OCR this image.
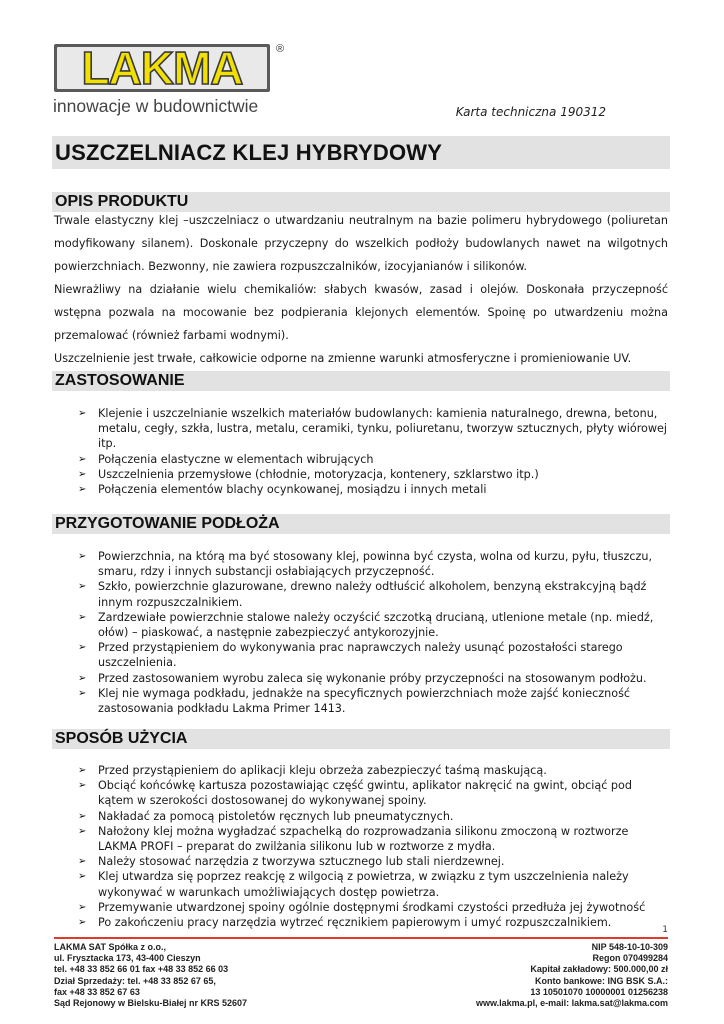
LAKMA	®
innowacje w budownictwie	Karta techniczna 190312
USZCZELNIACZ KLEJ HYBRYDOWY
OPIS PRODUKTU

Trwale elastyczny klej –uszczelniacz o utwardzaniu neutralnym na bazie polimeru hybrydowego (poliuretan modyfikowany silanem). Doskonale przyczepny do wszelkich podłoży budowlanych nawet na wilgotnych powierzchniach. Bezwonny, nie zawiera rozpuszczalników, izocyjanianów i silikonów.

Niewrażliwy na działanie wielu chemikaliów: słabych kwasów, zasad i olejów. Doskonała przyczepność wstępna pozwala na mocowanie bez podpierania klejonych elementów. Spoinę po utwardzeniu można przemalować (również farbami wodnymi).

Uszczelnienie jest trwałe, całkowicie odporne na zmienne warunki atmosferyczne i promieniowanie UV.

ZASTOSOWANIE
➢ Klejenie i uszczelnianie wszelkich materiałów budowlanych: kamienia naturalnego, drewna, betonu, metalu, cegły, szkła, lustra, metalu, ceramiki, tynku, poliuretanu, tworzyw sztucznych, płyty wiórowej itp.
➢ Połączenia elastyczne w elementach wibrujących
➢ Uszczelnienia przemysłowe (chłodnie, motoryzacja, kontenery, szklarstwo itp.)
➢ Połączenia elementów blachy ocynkowanej, mosiądzu i innych metali
PRZYGOTOWANIE PODŁOŻA
➢ Powierzchnia, na którą ma być stosowany klej, powinna być czysta, wolna od kurzu, pyłu, tłuszczu, smaru, rdzy i innych substancji osłabiających przyczepność.
➢ Szkło, powierzchnie glazurowane, drewno należy odtłuścić alkoholem, benzyną ekstrakcyjną bądź innym rozpuszczalnikiem.
➢ Zardzewiałe powierzchnie stalowe należy oczyścić szczotką drucianą, utlenione metale (np. miedź, ołów) – piaskować, a następnie zabezpieczyć antykorozyjnie.
➢ Przed przystąpieniem do wykonywania prac naprawczych należy usunąć pozostałości starego uszczelnienia.
➢ Przed zastosowaniem wyrobu zaleca się wykonanie próby przyczepności na stosowanym podłożu.
➢ Klej nie wymaga podkładu, jednakże na specyficznych powierzchniach może zajść konieczność zastosowania podkładu Lakma Primer 1413.
SPOSÓB UŻYCIA
➢ Przed przystąpieniem do aplikacji kleju obrzeża zabezpieczyć taśmą maskującą.
➢ Obciąć końcówkę kartusza pozostawiając część gwintu, aplikator nakręcić na gwint, obciąć pod kątem w szerokości dostosowanej do wykonywanej spoiny.
➢ Nakładać za pomocą pistoletów ręcznych lub pneumatycznych.
➢ Nałożony klej można wygładzać szpachelką do rozprowadzania silikonu zmoczoną w roztworze LAKMA PROFI – preparat do zwilżania silikonu lub w roztworze z mydła.
➢ Należy stosować narzędzia z tworzywa sztucznego lub stali nierdzewnej.
➢ Klej utwardza się poprzez reakcję z wilgocią z powietrza, w związku z tym uszczelnienia należy wykonywać w warunkach umożliwiających dostęp powietrza.
➢ Przemywanie utwardzonej spoiny ogólnie dostępnymi środkami czystości przedłuża jej żywotność
➢ Po zakończeniu pracy narzędzia wytrzeć ręcznikiem papierowym i umyć rozpuszczalnikiem.
1
LAKMA SAT Spółka z o.o.,
ul. Frysztacka 173, 43-400 Cieszyn
tel. +48 33 852 66 01 fax +48 33 852 66 03
Dział Sprzedaży: tel. +48 33 852 67 65,
fax +48 33 852 67 63
Sąd Rejonowy w Bielsku-Białej nr KRS 52607
NIP 548-10-10-309
Regon 070499284
Kapitał zakładowy: 500.000,00 zł
Konto bankowe: ING BSK S.A.:
13 10501070 10000001 01256238
www.lakma.pl, e-mail: lakma.sat@lakma.com
